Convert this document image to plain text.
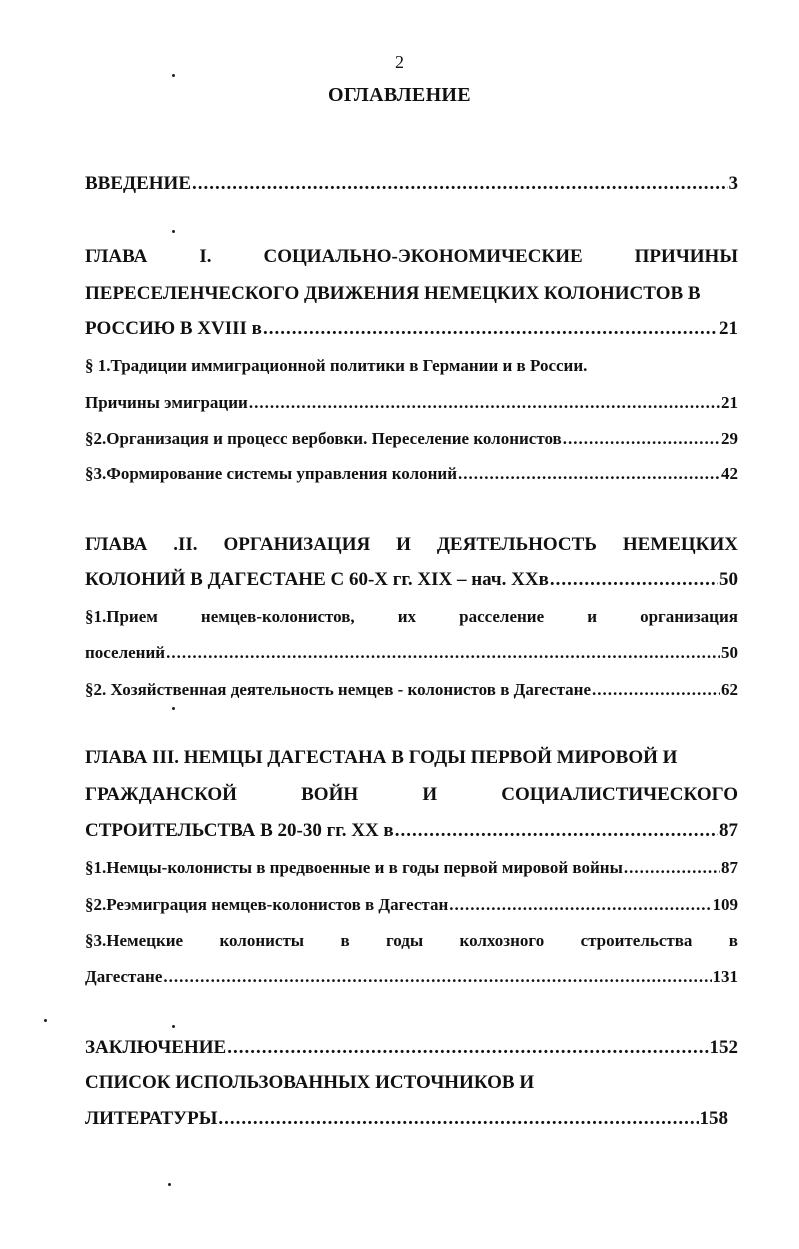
2
ОГЛАВЛЕНИЕ
ВВЕДЕНИЕ .....	3
ГЛАВА	I.	СОЦИАЛЬНО-ЭКОНОМИЧЕСКИЕ	ПРИЧИНЫ
ПЕРЕСЕЛЕНЧЕСКОГО ДВИЖЕНИЯ НЕМЕЦКИХ КОЛОНИСТОВ В
РОССИЮ В XVIII в .....	21
§ 1.Традиции иммиграционной политики в Германии и в России.
Причины эмиграции .....	21
§2.Организация и процесс вербовки. Переселение колонистов .....	29
§3.Формирование системы управления колоний .....	42
ГЛАВА .II. ОРГАНИЗАЦИЯ И ДЕЯТЕЛЬНОСТЬ НЕМЕЦКИХ
КОЛОНИЙ В ДАГЕСТАНЕ С 60-Х гг. XIX – нач. XXв .....	50
§1.Прием	немцев-колонистов,	их	расселение	и	организация
поселений .....	50
§2. Хозяйственная деятельность немцев - колонистов в Дагестане .....	62
ГЛАВА III. НЕМЦЫ ДАГЕСТАНА В ГОДЫ ПЕРВОЙ МИРОВОЙ И
ГРАЖДАНСКОЙ	ВОЙН	И	СОЦИАЛИСТИЧЕСКОГО
СТРОИТЕЛЬСТВА В 20-30 гг. XX в .....	87
§1.Немцы-колонисты в предвоенные и в годы первой мировой войны .....	87
§2.Реэмиграция немцев-колонистов в Дагестан .....	109
§3.Немецкие колонисты в годы колхозного строительства в
Дагестане .....	131
ЗАКЛЮЧЕНИЕ .....	152
СПИСОК ИСПОЛЬЗОВАННЫХ ИСТОЧНИКОВ И
ЛИТЕРАТУРЫ .....	158
